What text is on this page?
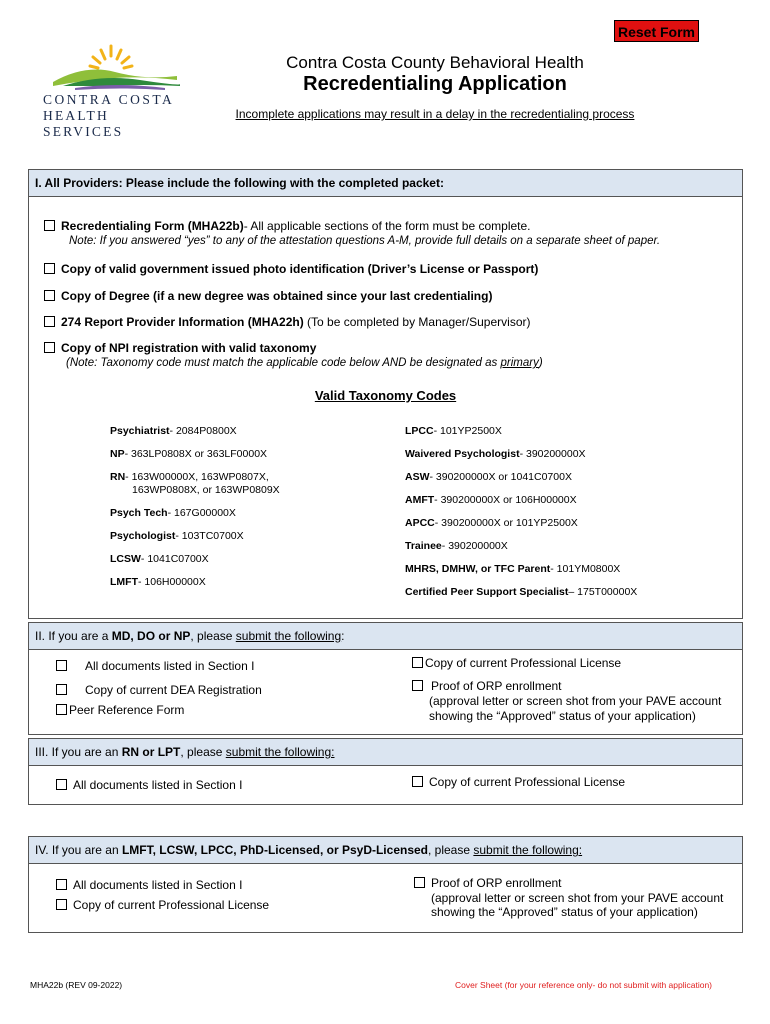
Reset Form
CONTRA COSTA
HEALTH SERVICES
Contra Costa County Behavioral Health
Recredentialing Application
Incomplete applications may result in a delay in the recredentialing process
I. All Providers: Please include the following with the completed packet:
Recredentialing Form (MHA22b)- All applicable sections of the form must be complete.
Note: If you answered “yes” to any of the attestation questions A-M, provide full details on a separate sheet of paper.
Copy of valid government issued photo identification (Driver’s License or Passport)
Copy of Degree (if a new degree was obtained since your last credentialing)
274 Report Provider Information (MHA22h) (To be completed by Manager/Supervisor)
Copy of NPI registration with valid taxonomy
(Note: Taxonomy code must match the applicable code below AND be designated as primary)
Valid Taxonomy Codes
Psychiatrist- 2084P0800X
NP- 363LP0808X or 363LF0000X
RN- 163W00000X, 163WP0807X,
163WP0808X, or 163WP0809X
Psych Tech- 167G00000X
Psychologist- 103TC0700X
LCSW- 1041C0700X
LMFT- 106H00000X
LPCC- 101YP2500X
Waivered Psychologist- 390200000X
ASW- 390200000X or 1041C0700X
AMFT- 390200000X or 106H00000X
APCC- 390200000X or 101YP2500X
Trainee- 390200000X
MHRS, DMHW, or TFC Parent- 101YM0800X
Certified Peer Support Specialist– 175T00000X
II. If you are a MD, DO or NP, please submit the following:
All documents listed in Section I
Copy of current DEA Registration
Peer Reference Form
Copy of current Professional License
Proof of ORP enrollment
(approval letter or screen shot from your PAVE account
showing the “Approved” status of your application)
III. If you are an RN or LPT, please submit the following:
All documents listed in Section I	Copy of current Professional License
IV. If you are an LMFT, LCSW, LPCC, PhD-Licensed, or PsyD-Licensed, please submit the following:
All documents listed in Section I
Copy of current Professional License
Proof of ORP enrollment
(approval letter or screen shot from your PAVE account
showing the “Approved” status of your application)
MHA22b (REV 09-2022)	Cover Sheet (for your reference only- do not submit with application)
